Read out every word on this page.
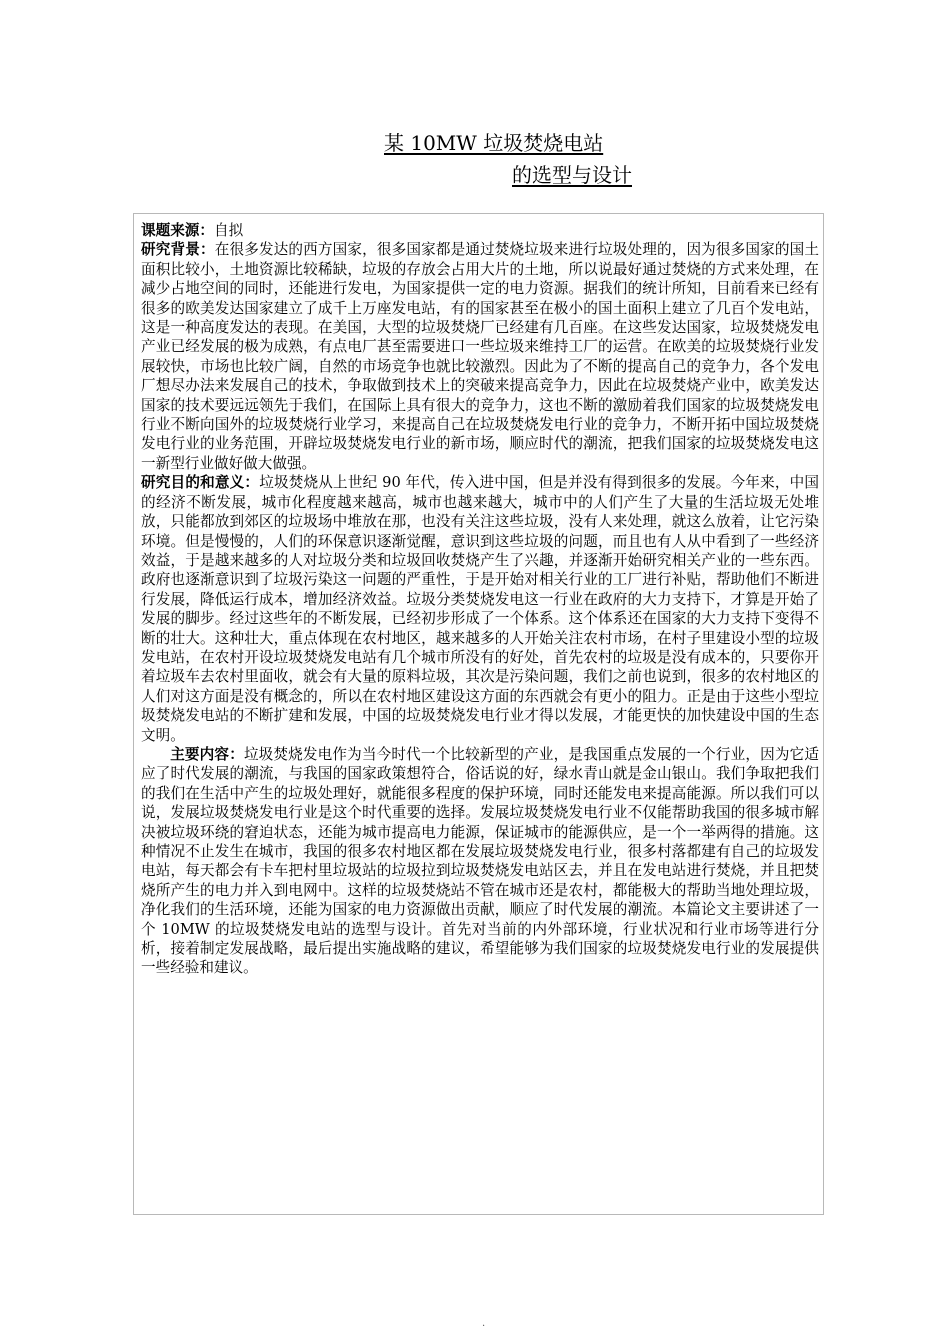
某 10MW 垃圾焚烧电站
的选型与设计

课题来源：自拟

研究背景：在很多发达的西方国家，很多国家都是通过焚烧垃圾来进行垃圾处理的，因为很多国家的国土面积比较小，土地资源比较稀缺，垃圾的存放会占用大片的土地，所以说最好通过焚烧的方式来处理，在减少占地空间的同时，还能进行发电，为国家提供一定的电力资源。据我们的统计所知，目前看来已经有很多的欧美发达国家建立了成千上万座发电站，有的国家甚至在极小的国土面积上建立了几百个发电站，这是一种高度发达的表现。在美国，大型的垃圾焚烧厂已经建有几百座。在这些发达国家，垃圾焚烧发电产业已经发展的极为成熟，有点电厂甚至需要进口一些垃圾来维持工厂的运营。在欧美的垃圾焚烧行业发展较快，市场也比较广阔，自然的市场竞争也就比较激烈。因此为了不断的提高自己的竞争力，各个发电厂想尽办法来发展自己的技术，争取做到技术上的突破来提高竞争力，因此在垃圾焚烧产业中，欧美发达国家的技术要远远领先于我们，在国际上具有很大的竞争力，这也不断的激励着我们国家的垃圾焚烧发电行业不断向国外的垃圾焚烧行业学习，来提高自己在垃圾焚烧发电行业的竞争力，不断开拓中国垃圾焚烧发电行业的业务范围，开辟垃圾焚烧发电行业的新市场，顺应时代的潮流，把我们国家的垃圾焚烧发电这一新型行业做好做大做强。

研究目的和意义：垃圾焚烧从上世纪 90 年代，传入进中国，但是并没有得到很多的发展。今年来，中国的经济不断发展，城市化程度越来越高，城市也越来越大，城市中的人们产生了大量的生活垃圾无处堆放，只能都放到郊区的垃圾场中堆放在那，也没有关注这些垃圾，没有人来处理，就这么放着，让它污染环境。但是慢慢的，人们的环保意识逐渐觉醒，意识到这些垃圾的问题，而且也有人从中看到了一些经济效益，于是越来越多的人对垃圾分类和垃圾回收焚烧产生了兴趣，并逐渐开始研究相关产业的一些东西。政府也逐渐意识到了垃圾污染这一问题的严重性，于是开始对相关行业的工厂进行补贴，帮助他们不断进行发展，降低运行成本，增加经济效益。垃圾分类焚烧发电这一行业在政府的大力支持下，才算是开始了发展的脚步。经过这些年的不断发展，已经初步形成了一个体系。这个体系还在国家的大力支持下变得不断的壮大。这种壮大，重点体现在农村地区，越来越多的人开始关注农村市场，在村子里建设小型的垃圾发电站，在农村开设垃圾焚烧发电站有几个城市所没有的好处，首先农村的垃圾是没有成本的，只要你开着垃圾车去农村里面收，就会有大量的原料垃圾，其次是污染问题，我们之前也说到，很多的农村地区的人们对这方面是没有概念的，所以在农村地区建设这方面的东西就会有更小的阻力。正是由于这些小型垃圾焚烧发电站的不断扩建和发展，中国的垃圾焚烧发电行业才得以发展，才能更快的加快建设中国的生态文明。

主要内容：垃圾焚烧发电作为当今时代一个比较新型的产业，是我国重点发展的一个行业，因为它适应了时代发展的潮流，与我国的国家政策想符合，俗话说的好，绿水青山就是金山银山。我们争取把我们的我们在生活中产生的垃圾处理好，就能很多程度的保护环境，同时还能发电来提高能源。所以我们可以说，发展垃圾焚烧发电行业是这个时代重要的选择。发展垃圾焚烧发电行业不仅能帮助我国的很多城市解决被垃圾环绕的窘迫状态，还能为城市提高电力能源，保证城市的能源供应，是一个一举两得的措施。这种情况不止发生在城市，我国的很多农村地区都在发展垃圾焚烧发电行业，很多村落都建有自己的垃圾发电站，每天都会有卡车把村里垃圾站的垃圾拉到垃圾焚烧发电站区去，并且在发电站进行焚烧，并且把焚烧所产生的电力并入到电网中。这样的垃圾焚烧站不管在城市还是农村，都能极大的帮助当地处理垃圾，净化我们的生活环境，还能为国家的电力资源做出贡献，顺应了时代发展的潮流。本篇论文主要讲述了一个 10MW 的垃圾焚烧发电站的选型与设计。首先对当前的内外部环境，行业状况和行业市场等进行分析，接着制定发展战略，最后提出实施战略的建议，希望能够为我们国家的垃圾焚烧发电行业的发展提供一些经验和建议。

.
